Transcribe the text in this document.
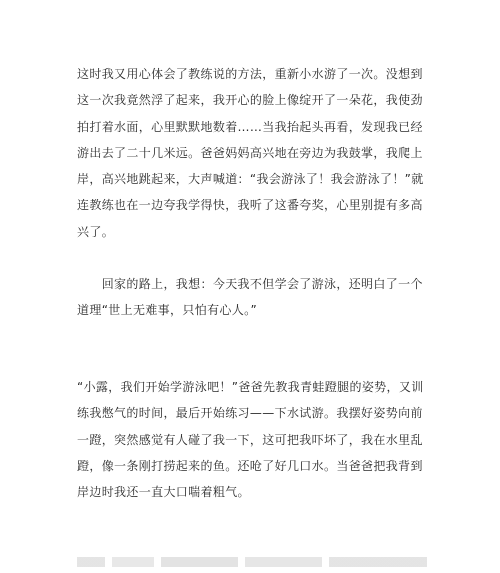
这时我又用心体会了教练说的方法，重新小水游了一次。没想到这一次我竟然浮了起来，我开心的脸上像绽开了一朵花，我使劲拍打着水面，心里默默地数着……当我抬起头再看，发现我已经游出去了二十几米远。爸爸妈妈高兴地在旁边为我鼓掌，我爬上岸，高兴地跳起来，大声喊道：“我会游泳了！我会游泳了！”就连教练也在一边夸我学得快，我听了这番夸奖，心里别提有多高兴了。
　　回家的路上，我想：今天我不但学会了游泳，还明白了一个道理“世上无难事，只怕有心人。”
“小露，我们开始学游泳吧！”爸爸先教我青蛙蹬腿的姿势，又训练我憋气的时间，最后开始练习——下水试游。我摆好姿势向前一蹬，突然感觉有人碰了我一下，这可把我吓坏了，我在水里乱蹬，像一条刚打捞起来的鱼。还呛了好几口水。当爸爸把我背到岸边时我还一直大口喘着粗气。
